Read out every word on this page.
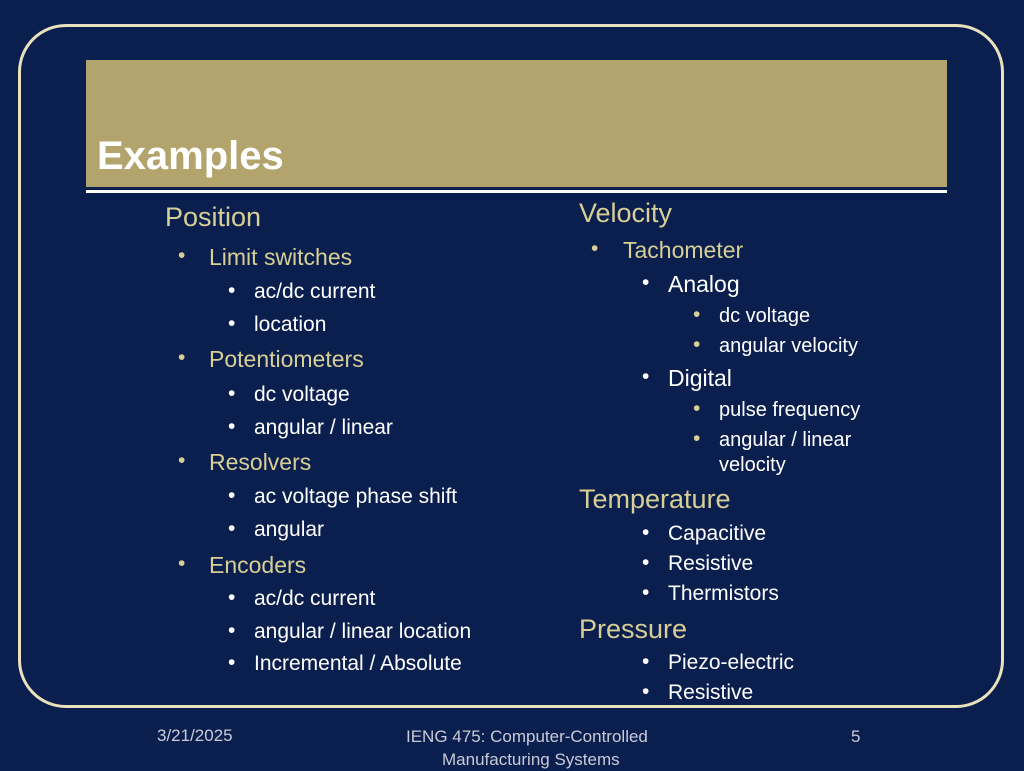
Examples
Position
• Limit switches
• ac/dc current
• location
• Potentiometers
• dc voltage
• angular / linear
• Resolvers
• ac voltage phase shift
• angular
• Encoders
• ac/dc current
• angular / linear location
• Incremental / Absolute
Velocity
• Tachometer
• Analog
• dc voltage
• angular velocity
• Digital
• pulse frequency
• angular / linear
velocity
Temperature
• Capacitive
• Resistive
• Thermistors
Pressure
• Piezo-electric
• Resistive
3/21/2025	IENG 475: Computer-Controlled
Manufacturing Systems
5
